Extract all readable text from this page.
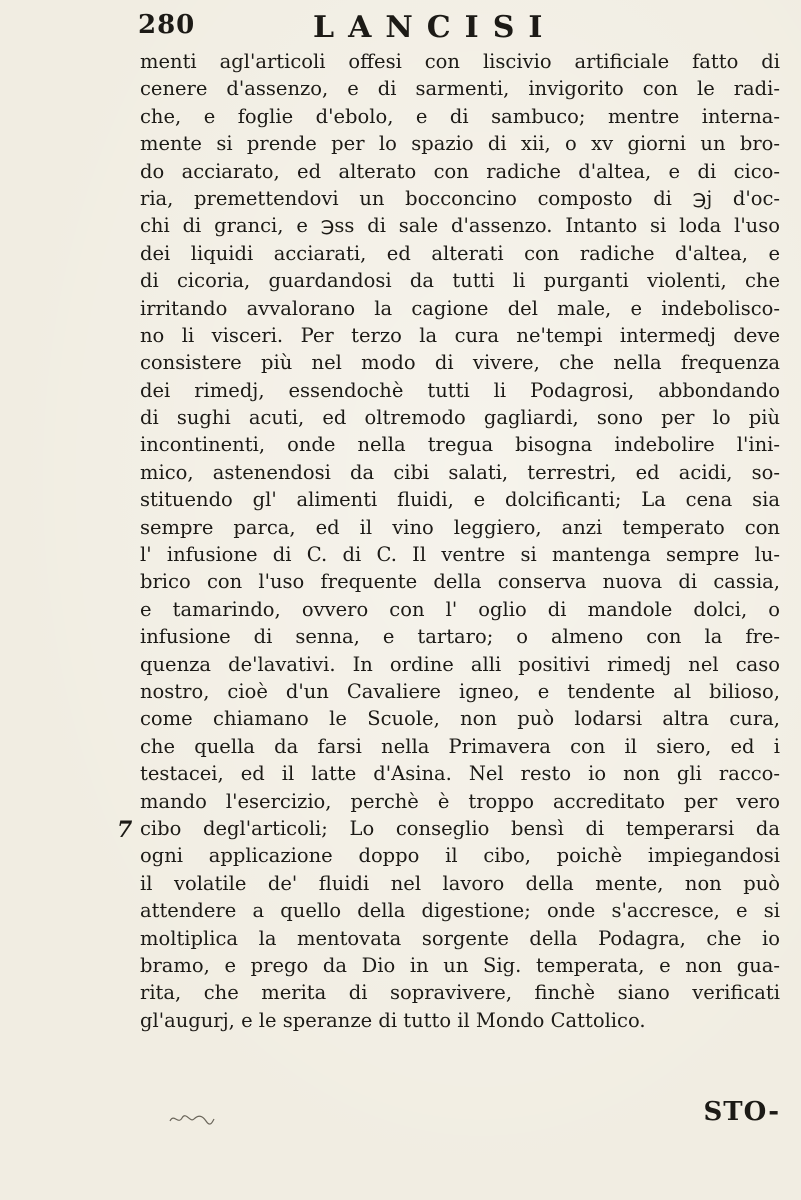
280	LANCISI
7
menti agl'articoli offesi con lisciviо artificiale fatto di
cenere d'assenzo, e di sarmenti, invigorito con le radi-
che, e foglie d'ebolo, e di sambuco; mentre interna-
mente si prende per lo spazio di xii, o xv giorni un bro-
do acciarato, ed alterato con radiche d'altea, e di cico-
ria, premettendovi un bocconcino composto di ℈j d'oc-
chi di granci, e ℈ss di sale d'assenzo. Intanto si loda l'uso
dei liquidi acciarati, ed alterati con radiche d'altea, e
di cicoria, guardandosi da tutti li purganti violenti, che
irritando avvalorano la cagione del male, e indeboliscо-
no li visceri. Per terzo la cura ne'tempi intermedj deve
consistere più nel modo di vivere, che nella frequenza
dei rimedj, essendochè tutti li Podagrosi, abbondando
di sughi acuti, ed oltremodo gagliardi, sono per lo più
incontinenti, onde nella tregua bisogna indebolire l'ini-
mico, astenendosi da cibi salati, terrestri, ed acidi, so-
stituendo gl' alimenti fluidi, e dolcificanti; La cena sia
sempre parca, ed il vino leggiero, anzi temperato con
l' infusione di C. di C. Il ventre si mantenga sempre lu-
brico con l'uso frequente della conserva nuova di cassia,
e tamarindo, ovvero con l' oglio di mandole dolci, o
infusione di senna, e tartaro; o almeno con la fre-
quenza de'lavativi. In ordine alli positivi rimedj nel caso
nostro, cioè d'un Cavaliere igneo, e tendente al bilioso,
come chiamano le Scuole, non può lodarsi altra cura,
che quella da farsi nella Primavera con il siero, ed i
testacei, ed il latte d'Asina. Nel resto io non gli racco-
mando l'esercizio, perchè è troppo accreditato per vero
cibo degl'articoli; Lo conseglio bensì di temperarsi da
ogni applicazione doppo il cibo, poichè impiegandosi
il volatile de' fluidi nel lavoro della mente, non può
attendere a quello della digestione; onde s'accresce, e si
moltiplica la mentovata sorgente della Podagra, che io
bramo, e prego da Dio in un Sig. temperata, e non gua-
rita, che merita di sopravivere, finchè siano verificati
gl'augurj, e le speranze di tutto il Mondo Cattolico.
STO-
